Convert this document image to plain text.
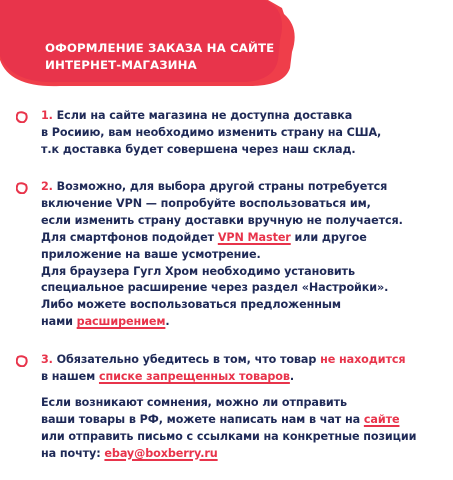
ОФОРМЛЕНИЕ ЗАКАЗА НА САЙТЕ
ИНТЕРНЕТ-МАГАЗИНА
1. Если на сайте магазина не доступна доставка
в Росиию, вам необходимо изменить страну на США,
т.к доставка будет совершена через наш склад.
2. Возможно, для выбора другой страны потребуется
включение VPN — попробуйте воспользоваться им,
если изменить страну доставки вручную не получается.
Для смартфонов подойдет VPN Master или другое
приложение на ваше усмотрение.
Для браузера Гугл Хром необходимо установить
специальное расширение через раздел «Настройки».
Либо можете воспользоваться предложенным
нами расширением.
3. Обязательно убедитесь в том, что товар не находится
в нашем списке запрещенных товаров.
Если возникают сомнения, можно ли отправить
ваши товары в РФ, можете написать нам в чат на сайте
или отправить письмо с ссылками на конкретные позиции
на почту: ebay@boxberry.ru
